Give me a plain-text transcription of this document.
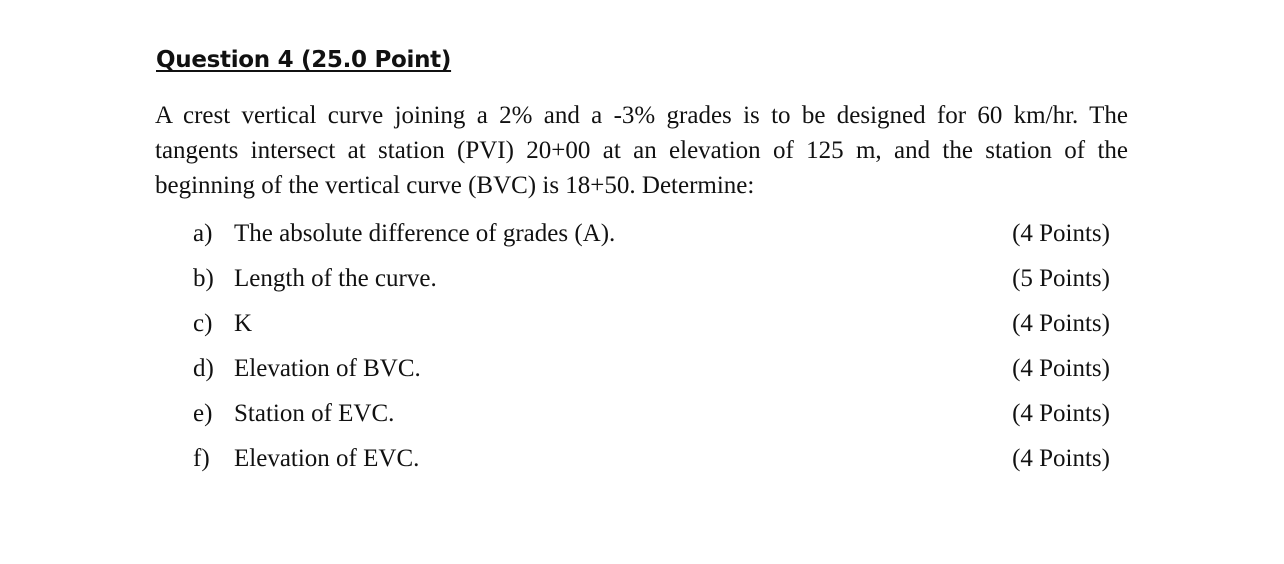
Question 4 (25.0 Point)
A crest vertical curve joining a 2% and a -3% grades is to be designed for 60 km/hr. The
tangents intersect at station (PVI) 20+00 at an elevation of 125 m, and the station of the
beginning of the vertical curve (BVC) is 18+50. Determine:
a) The absolute difference of grades (A).	(4 Points)
b) Length of the curve.	(5 Points)
c) K	(4 Points)
d) Elevation of BVC.	(4 Points)
e) Station of EVC.	(4 Points)
f) Elevation of EVC.	(4 Points)
